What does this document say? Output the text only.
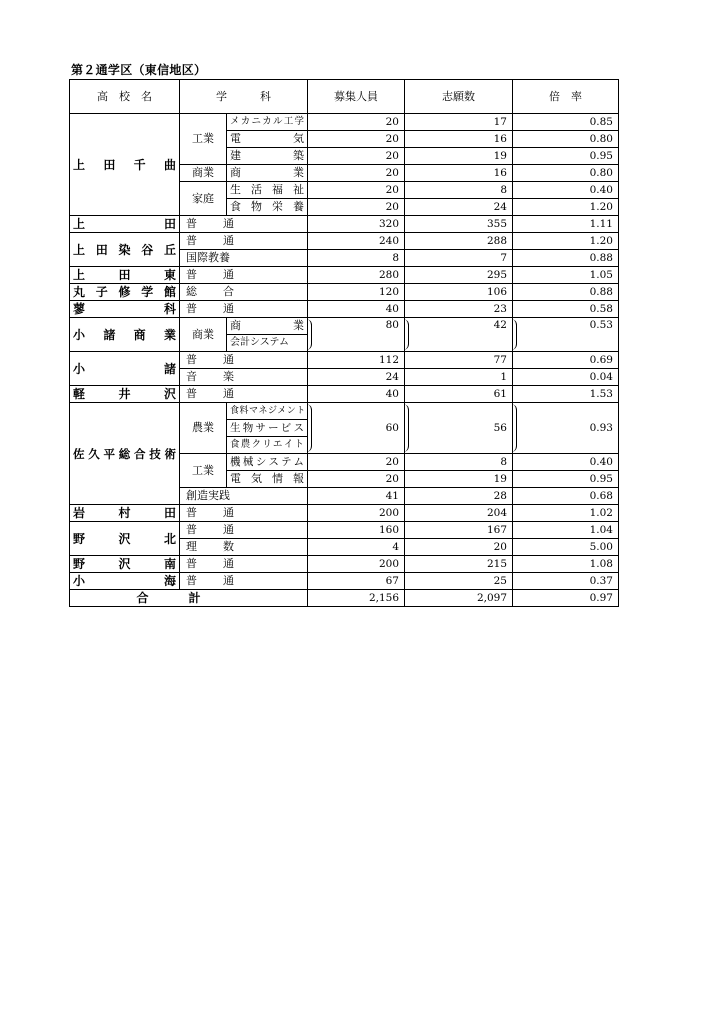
第２通学区（東信地区）
高　校　名	学　　　科		募集人員	志願数	倍　率
上田千曲	工業	メカニカル工学	20	17	0.85
		電気	20	16	0.80
		建築	20	19	0.95
	商業	商業	20	16	0.80
	家庭	生活福祉	20	8	0.40
		食物栄養	20	24	1.20
上田	普通		320	355	1.11
上田染谷丘	普通		240	288	1.20
	国際教養		8	7	0.88
上田東	普通		280	295	1.05
丸子修学館	総合		120	106	0.88
蓼科	普通		40	23	0.58
小諸商業	商業	商業	80	42	0.53
		会計システム			
小諸	普通		112	77	0.69
	音楽		24	1	0.04
軽井沢	普通		40	61	1.53
佐久平総合技術	農業	食料マネジメント	60	56	0.93
		生物サービス			
		食農クリエイト			
	工業	機械システム	20	8	0.40
		電気情報	20	19	0.95
	創造実践		41	28	0.68
岩村田	普通		200	204	1.02
野沢北	普通		160	167	1.04
	理数		4	20	5.00
野沢南	普通		200	215	1.08
小海	普通		67	25	0.37
合計			2,156	2,097	0.97
